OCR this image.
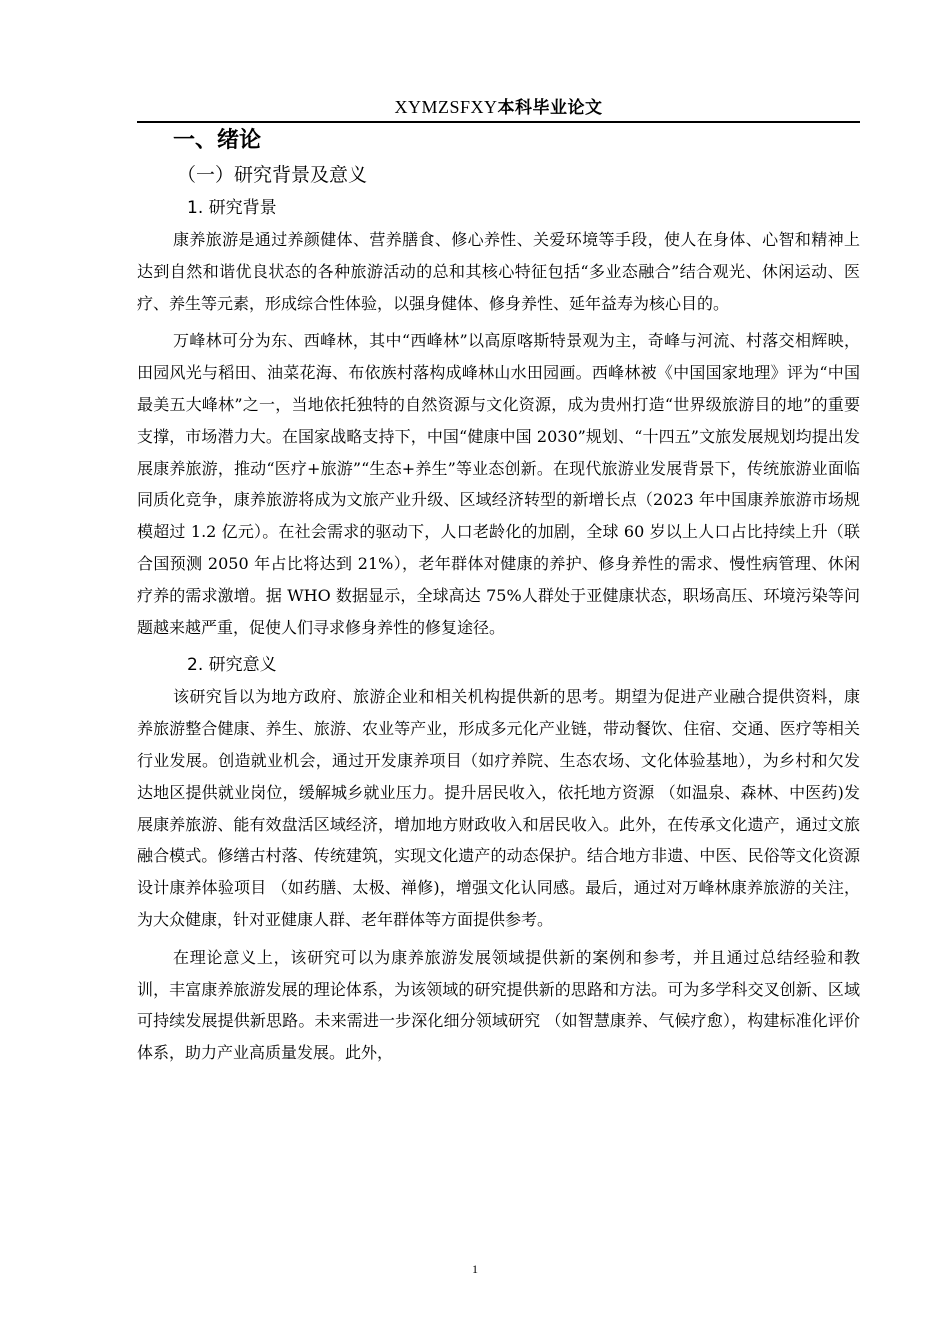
XYMZSFXY本科毕业论文
一、绪论
（一）研究背景及意义
1. 研究背景

康养旅游是通过养颜健体、营养膳食、修心养性、关爱环境等手段，使人在身体、心智和精神上达到自然和谐优良状态的各种旅游活动的总和其核心特征包括“多业态融合”结合观光、休闲运动、医疗、养生等元素，形成综合性体验，以强身健体、修身养性、延年益寿为核心目的。

万峰林可分为东、西峰林，其中“西峰林”以高原喀斯特景观为主，奇峰与河流、村落交相辉映，田园风光与稻田、油菜花海、布依族村落构成峰林山水田园画。西峰林被《中国国家地理》评为“中国最美五大峰林”之一，当地依托独特的自然资源与文化资源，成为贵州打造“世界级旅游目的地”的重要支撑，市场潜力大。在国家战略支持下，中国“健康中国 2030”规划、“十四五”文旅发展规划均提出发展康养旅游，推动“医疗+旅游”“生态+养生”等业态创新。在现代旅游业发展背景下，传统旅游业面临同质化竞争，康养旅游将成为文旅产业升级、区域经济转型的新增长点（2023 年中国康养旅游市场规模超过 1.2 亿元）。在社会需求的驱动下，人口老龄化的加剧，全球 60 岁以上人口占比持续上升（联合国预测 2050 年占比将达到 21%），老年群体对健康的养护、修身养性的需求、慢性病管理、休闲疗养的需求激增。据 WHO 数据显示，全球高达 75%人群处于亚健康状态，职场高压、环境污染等问题越来越严重，促使人们寻求修身养性的修复途径。

2. 研究意义

该研究旨以为地方政府、旅游企业和相关机构提供新的思考。期望为促进产业融合提供资料，康养旅游整合健康、养生、旅游、农业等产业，形成多元化产业链，带动餐饮、住宿、交通、医疗等相关行业发展。创造就业机会，通过开发康养项目（如疗养院、生态农场、文化体验基地），为乡村和欠发达地区提供就业岗位，缓解城乡就业压力。提升居民收入，依托地方资源 （如温泉、森林、中医药)发展康养旅游、能有效盘活区域经济，增加地方财政收入和居民收入。此外，在传承文化遗产，通过文旅融合模式。修缮古村落、传统建筑，实现文化遗产的动态保护。结合地方非遗、中医、民俗等文化资源设计康养体验项目 （如药膳、太极、禅修)，增强文化认同感。最后，通过对万峰林康养旅游的关注，为大众健康，针对亚健康人群、老年群体等方面提供参考。

在理论意义上，该研究可以为康养旅游发展领域提供新的案例和参考，并且通过总结经验和教训，丰富康养旅游发展的理论体系，为该领域的研究提供新的思路和方法。可为多学科交叉创新、区域可持续发展提供新思路。未来需进一步深化细分领域研究 （如智慧康养、气候疗愈），构建标准化评价体系，助力产业高质量发展。此外，

1
